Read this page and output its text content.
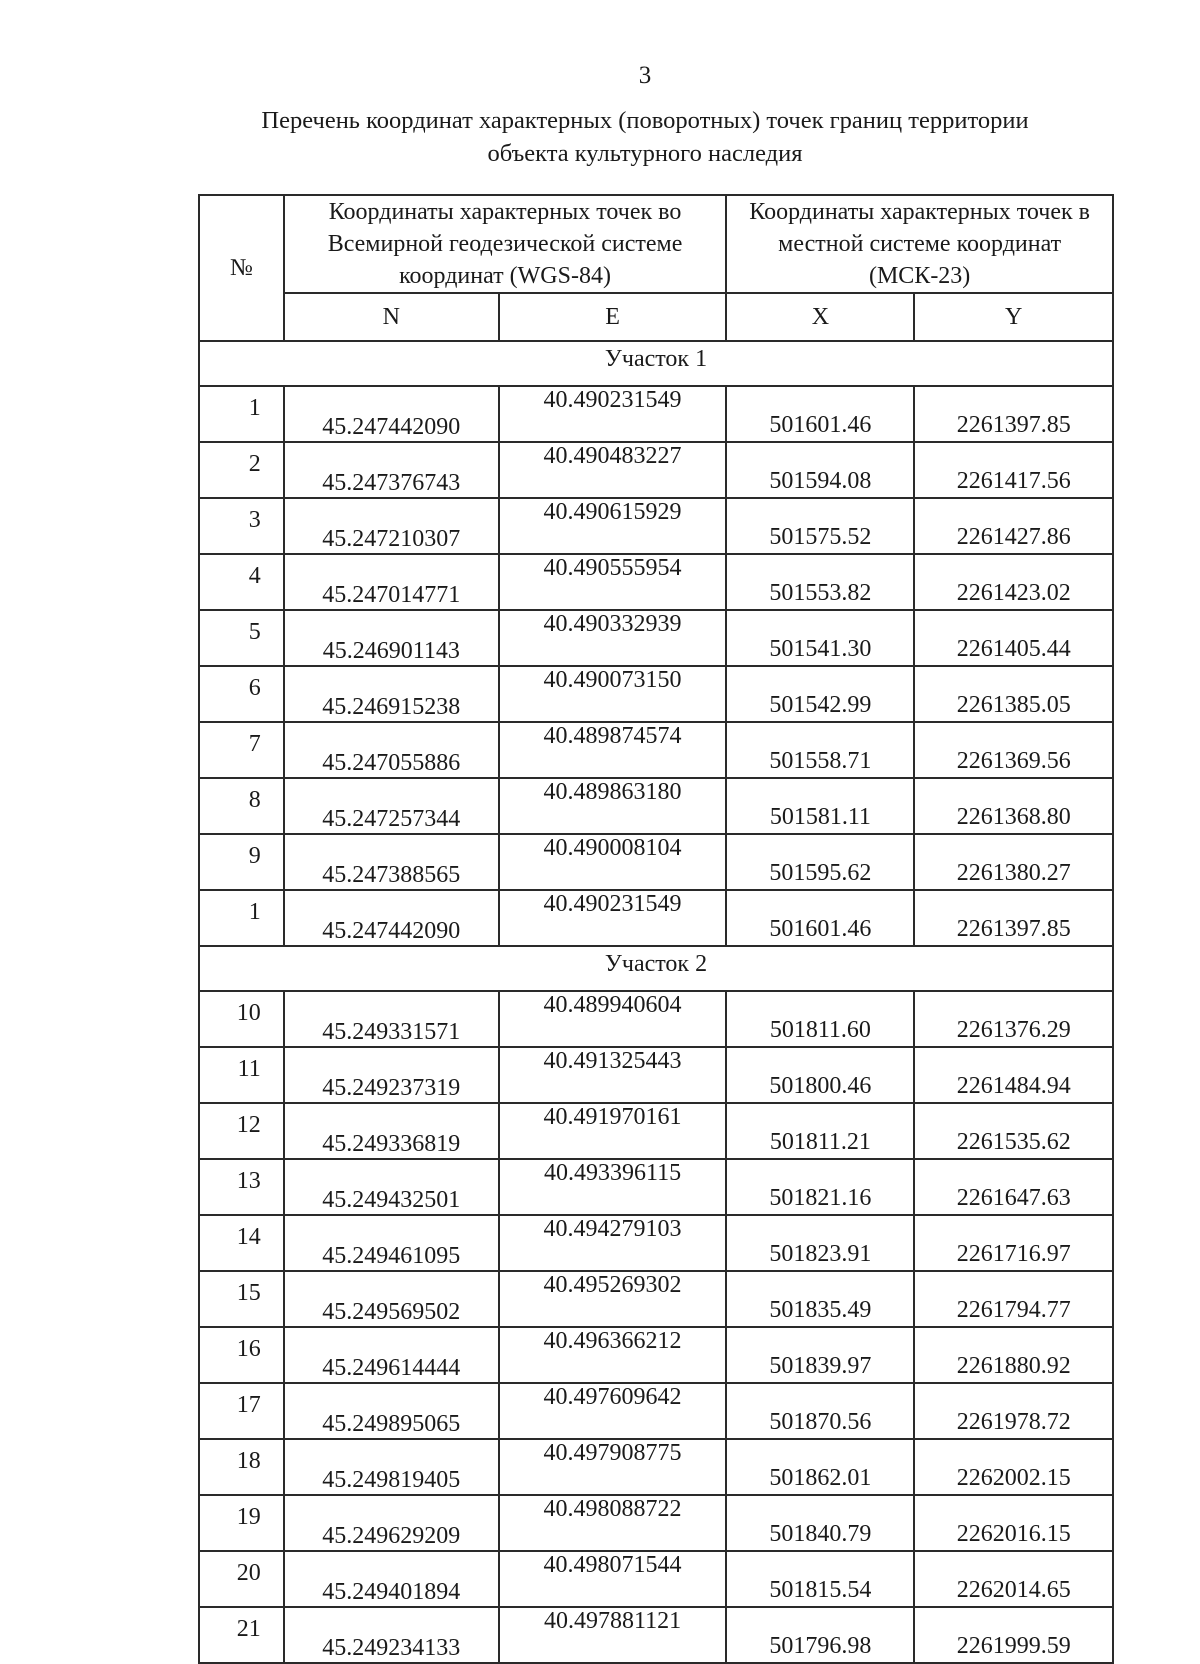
3
Перечень координат характерных (поворотных) точек границ территории
объекта культурного наследия
№	Координаты характерных точек во Всемирной геодезической системе координат (WGS-84)		Координаты характерных точек в местной системе координат (МСК-23)	
	N	E	X	Y
Участок 1				
1	45.247442090	40.490231549	501601.46	2261397.85
2	45.247376743	40.490483227	501594.08	2261417.56
3	45.247210307	40.490615929	501575.52	2261427.86
4	45.247014771	40.490555954	501553.82	2261423.02
5	45.246901143	40.490332939	501541.30	2261405.44
6	45.246915238	40.490073150	501542.99	2261385.05
7	45.247055886	40.489874574	501558.71	2261369.56
8	45.247257344	40.489863180	501581.11	2261368.80
9	45.247388565	40.490008104	501595.62	2261380.27
1	45.247442090	40.490231549	501601.46	2261397.85
Участок 2				
10	45.249331571	40.489940604	501811.60	2261376.29
11	45.249237319	40.491325443	501800.46	2261484.94
12	45.249336819	40.491970161	501811.21	2261535.62
13	45.249432501	40.493396115	501821.16	2261647.63
14	45.249461095	40.494279103	501823.91	2261716.97
15	45.249569502	40.495269302	501835.49	2261794.77
16	45.249614444	40.496366212	501839.97	2261880.92
17	45.249895065	40.497609642	501870.56	2261978.72
18	45.249819405	40.497908775	501862.01	2262002.15
19	45.249629209	40.498088722	501840.79	2262016.15
20	45.249401894	40.498071544	501815.54	2262014.65
21	45.249234133	40.497881121	501796.98	2261999.59
